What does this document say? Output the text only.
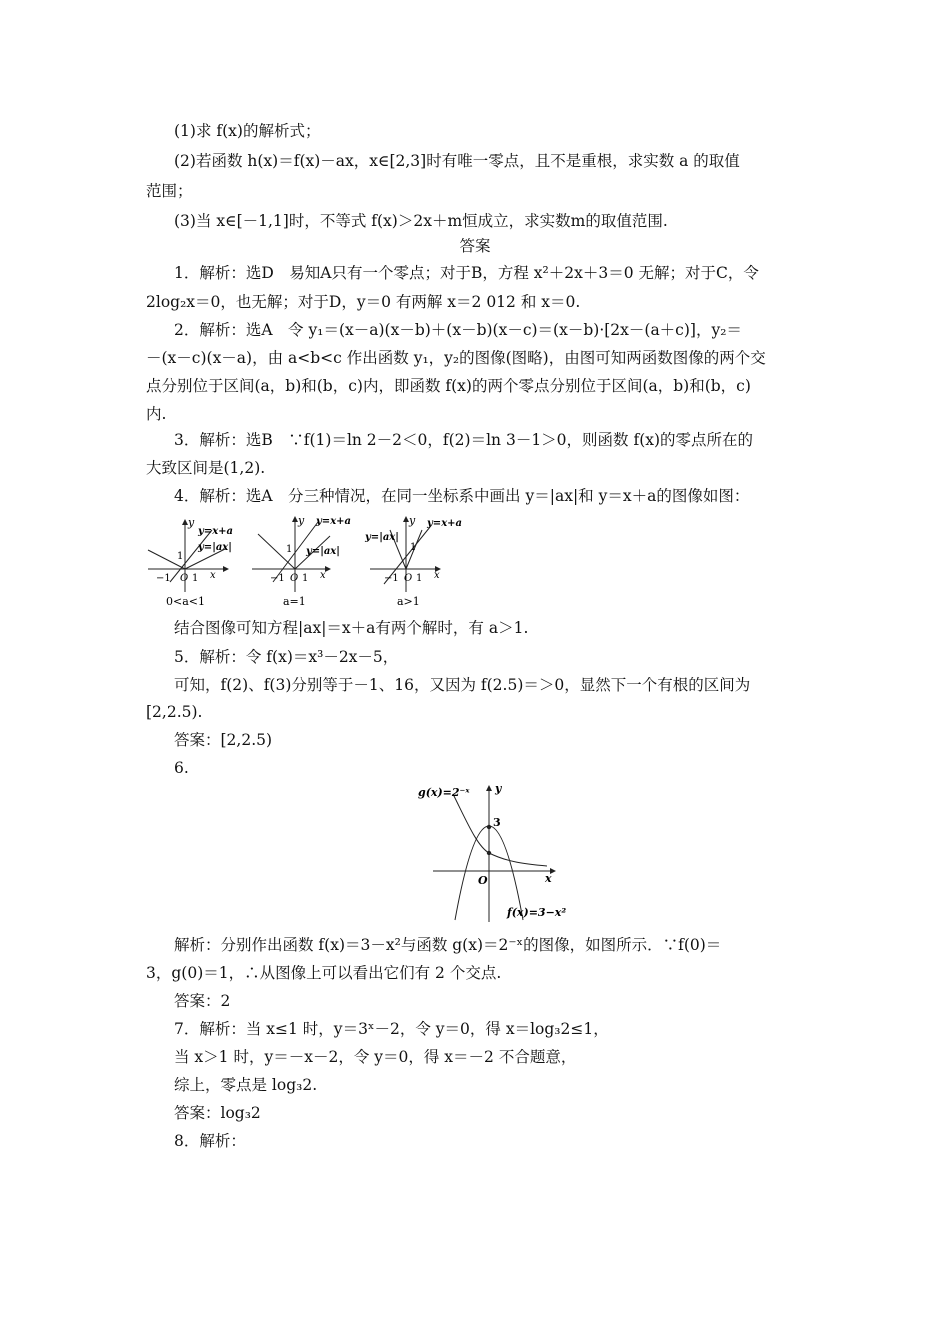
(1)求 f(x)的解析式；
(2)若函数 h(x)＝f(x)－ax，x∈[2,3]时有唯一零点，且不是重根，求实数 a 的取值
范围；
(3)当 x∈[－1,1]时，不等式 f(x)＞2x＋m恒成立，求实数m的取值范围.
答案
1．解析：选D　易知A只有一个零点；对于B，方程 x²＋2x＋3＝0 无解；对于C，令
2log₂x＝0，也无解；对于D，y＝0 有两解 x＝2 012 和 x＝0.
2．解析：选A　令 y₁＝(x－a)(x－b)＋(x－b)(x－c)＝(x－b)·[2x－(a＋c)]，y₂＝
－(x－c)(x－a)，由 a<b<c 作出函数 y₁，y₂的图像(图略)，由图可知两函数图像的两个交
点分别位于区间(a，b)和(b，c)内，即函数 f(x)的两个零点分别位于区间(a，b)和(b，c)
内.
3．解析：选B　∵f(1)＝ln 2－2＜0，f(2)＝ln 3－1＞0，则函数 f(x)的零点所在的
大致区间是(1,2).
4．解析：选A　分三种情况，在同一坐标系中画出 y＝|ax|和 y＝x＋a的图像如图：
y
y=x+a
y=|ax|
1
−1 O 1 x
y y=x+a
y=|ax|
1
−1 O 1 x
y y=x+a
y=|ax|
1
−1 O 1 x
0<a<1	a=1	a>1
结合图像可知方程|ax|＝x＋a有两个解时，有 a＞1.
5．解析：令 f(x)＝x³－2x－5，
可知，f(2)、f(3)分别等于－1、16，又因为 f(2.5)＝＞0，显然下一个有根的区间为
[2,2.5).
答案：[2,2.5)
6.
g(x)=2⁻ˣ y
3
O	x
f(x)=3−x²
解析：分别作出函数 f(x)＝3－x²与函数 g(x)＝2⁻ˣ的图像，如图所示．∵f(0)＝
3，g(0)＝1，∴从图像上可以看出它们有 2 个交点.
答案：2
7．解析：当 x≤1 时，y＝3ˣ－2，令 y＝0，得 x＝log₃2≤1，
当 x＞1 时，y＝－x－2，令 y＝0，得 x＝－2 不合题意，
综上，零点是 log₃2.
答案：log₃2
8．解析：
